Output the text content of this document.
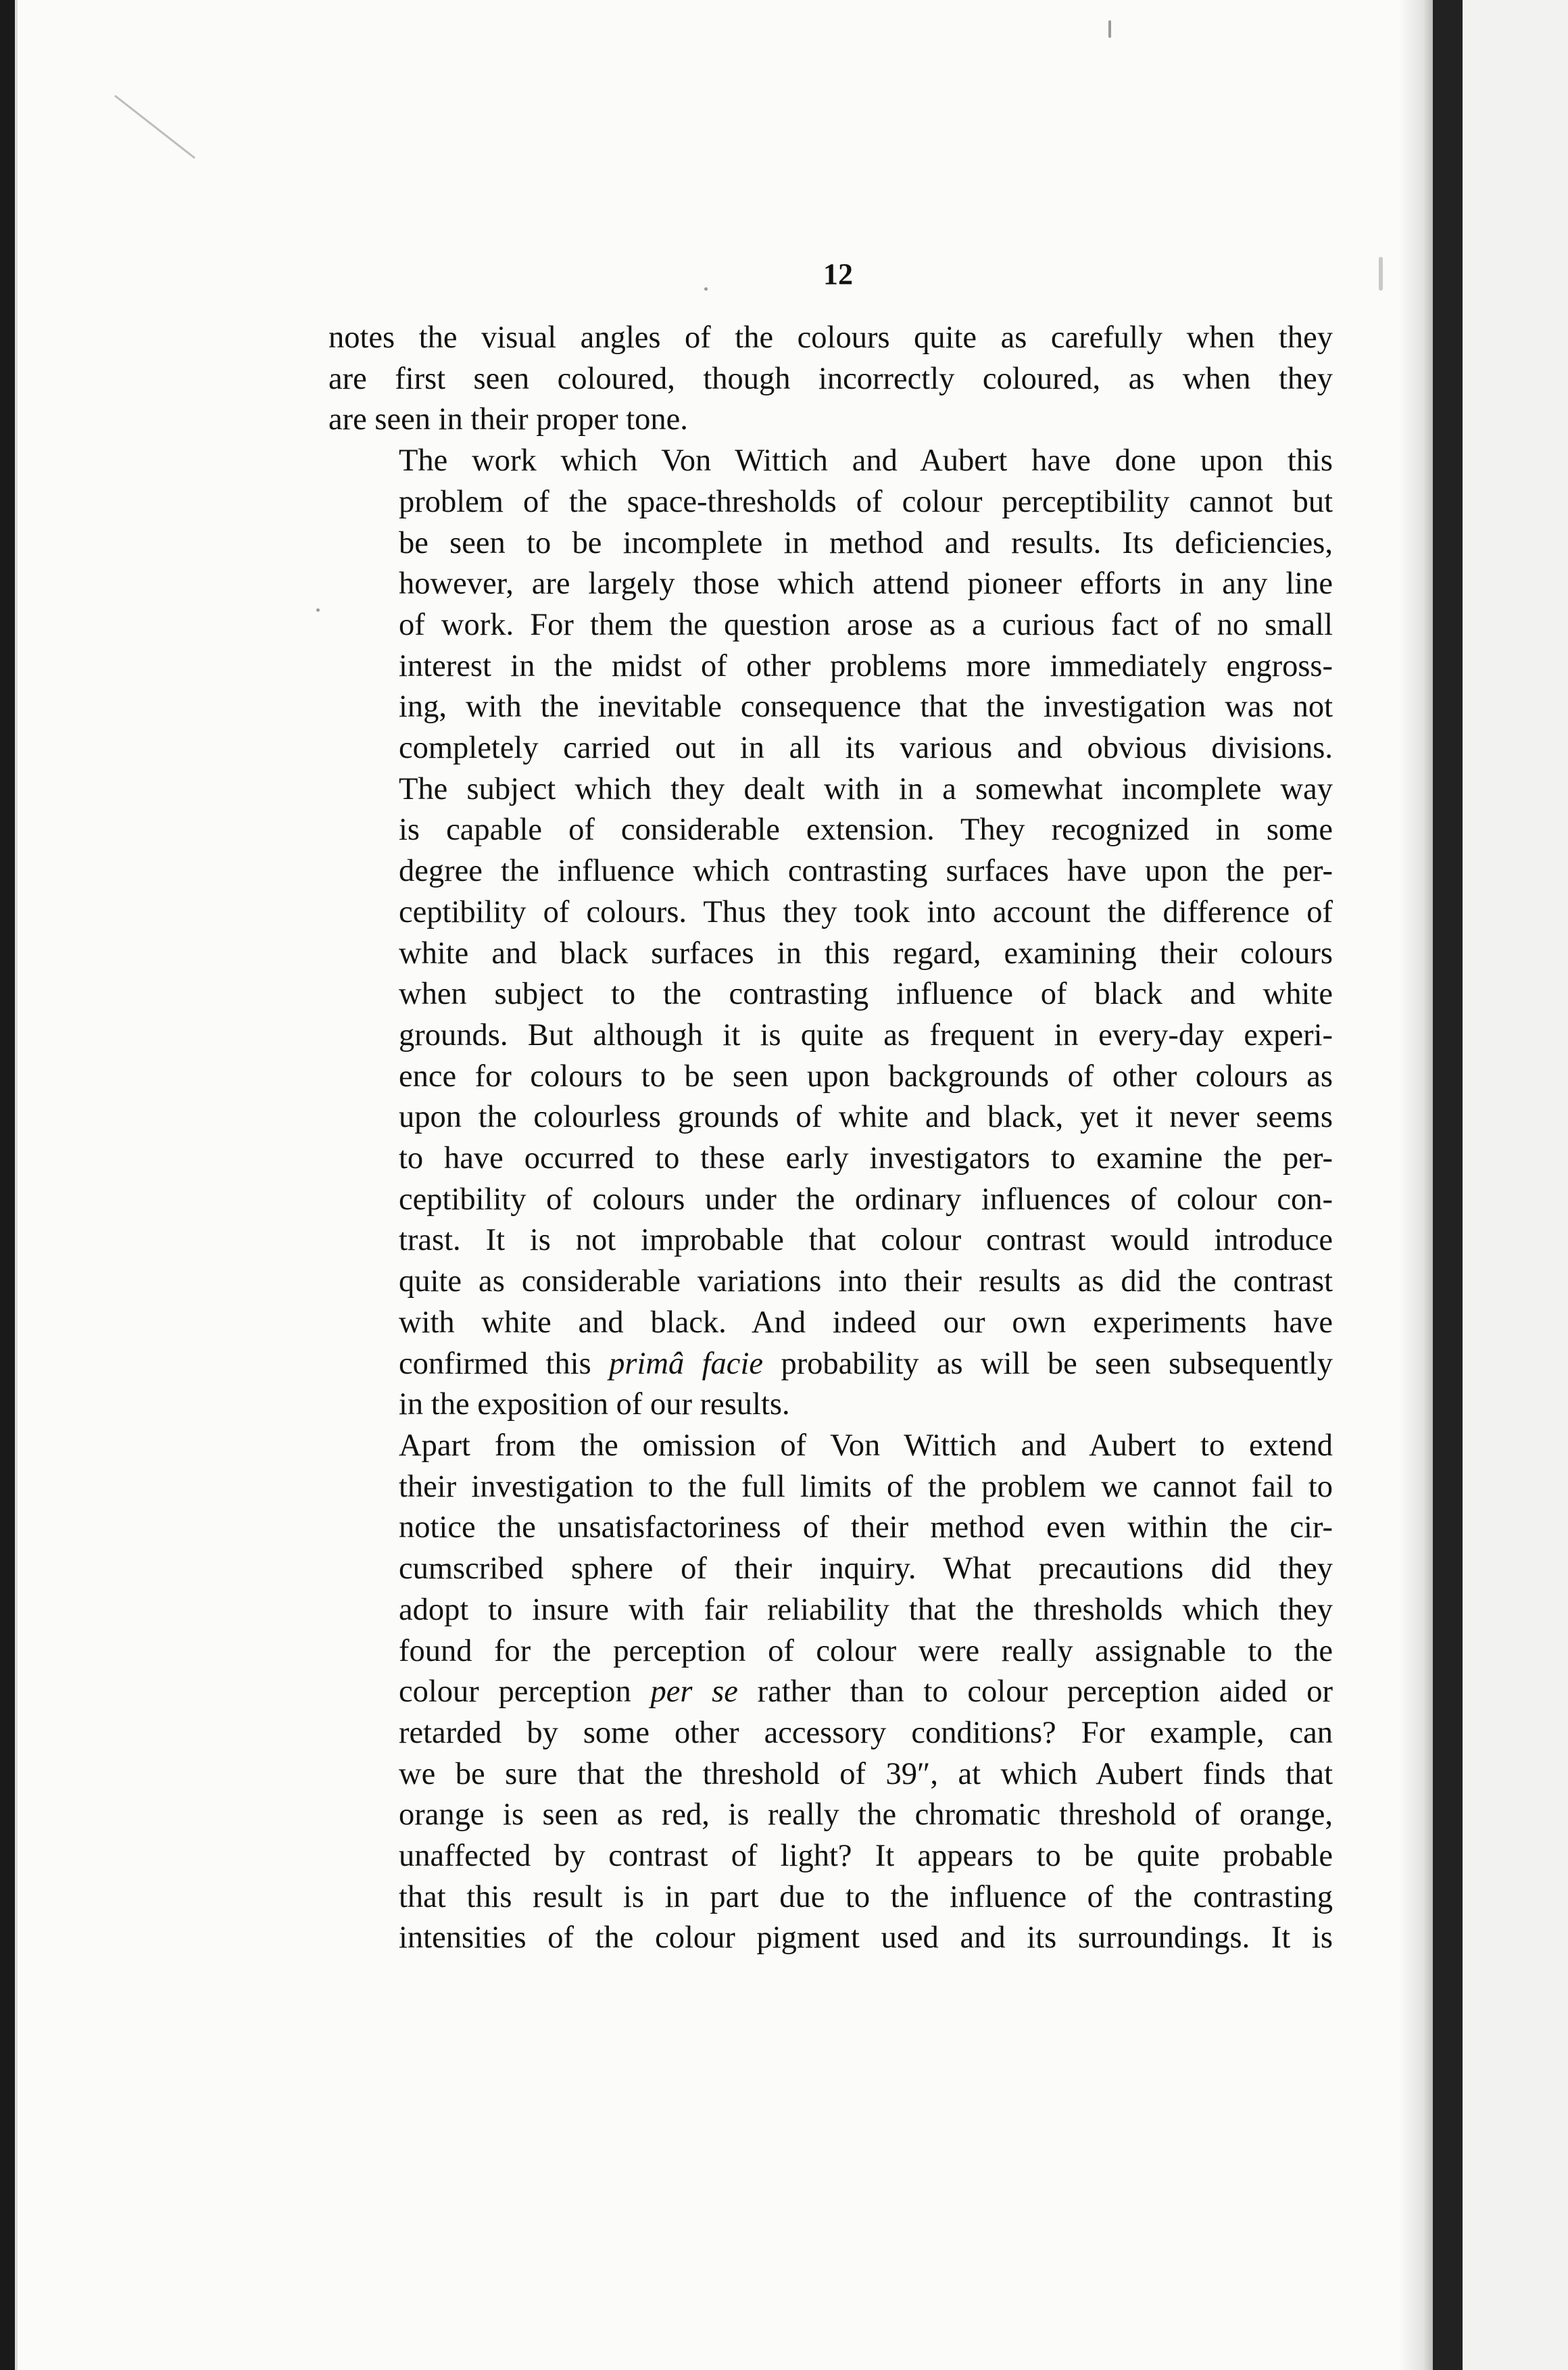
12

notes the visual angles of the colours quite as carefully when they
are first seen coloured, though incorrectly coloured, as when they
are seen in their proper tone.

The work which Von Wittich and Aubert have done upon this
problem of the space-thresholds of colour perceptibility cannot but
be seen to be incomplete in method and results. Its deficiencies,
however, are largely those which attend pioneer efforts in any line
of work. For them the question arose as a curious fact of no small
interest in the midst of other problems more immediately engross-
ing, with the inevitable consequence that the investigation was not
completely carried out in all its various and obvious divisions.
The subject which they dealt with in a somewhat incomplete way
is capable of considerable extension. They recognized in some
degree the influence which contrasting surfaces have upon the per-
ceptibility of colours. Thus they took into account the difference of
white and black surfaces in this regard, examining their colours
when subject to the contrasting influence of black and white
grounds. But although it is quite as frequent in every-day experi-
ence for colours to be seen upon backgrounds of other colours as
upon the colourless grounds of white and black, yet it never seems
to have occurred to these early investigators to examine the per-
ceptibility of colours under the ordinary influences of colour con-
trast. It is not improbable that colour contrast would introduce
quite as considerable variations into their results as did the contrast
with white and black. And indeed our own experiments have
confirmed this primâ facie probability as will be seen subsequently
in the exposition of our results.

Apart from the omission of Von Wittich and Aubert to extend
their investigation to the full limits of the problem we cannot fail to
notice the unsatisfactoriness of their method even within the cir-
cumscribed sphere of their inquiry. What precautions did they
adopt to insure with fair reliability that the thresholds which they
found for the perception of colour were really assignable to the
colour perception per se rather than to colour perception aided or
retarded by some other accessory conditions? For example, can
we be sure that the threshold of 39″, at which Aubert finds that
orange is seen as red, is really the chromatic threshold of orange,
unaffected by contrast of light? It appears to be quite probable
that this result is in part due to the influence of the contrasting
intensities of the colour pigment used and its surroundings. It is
